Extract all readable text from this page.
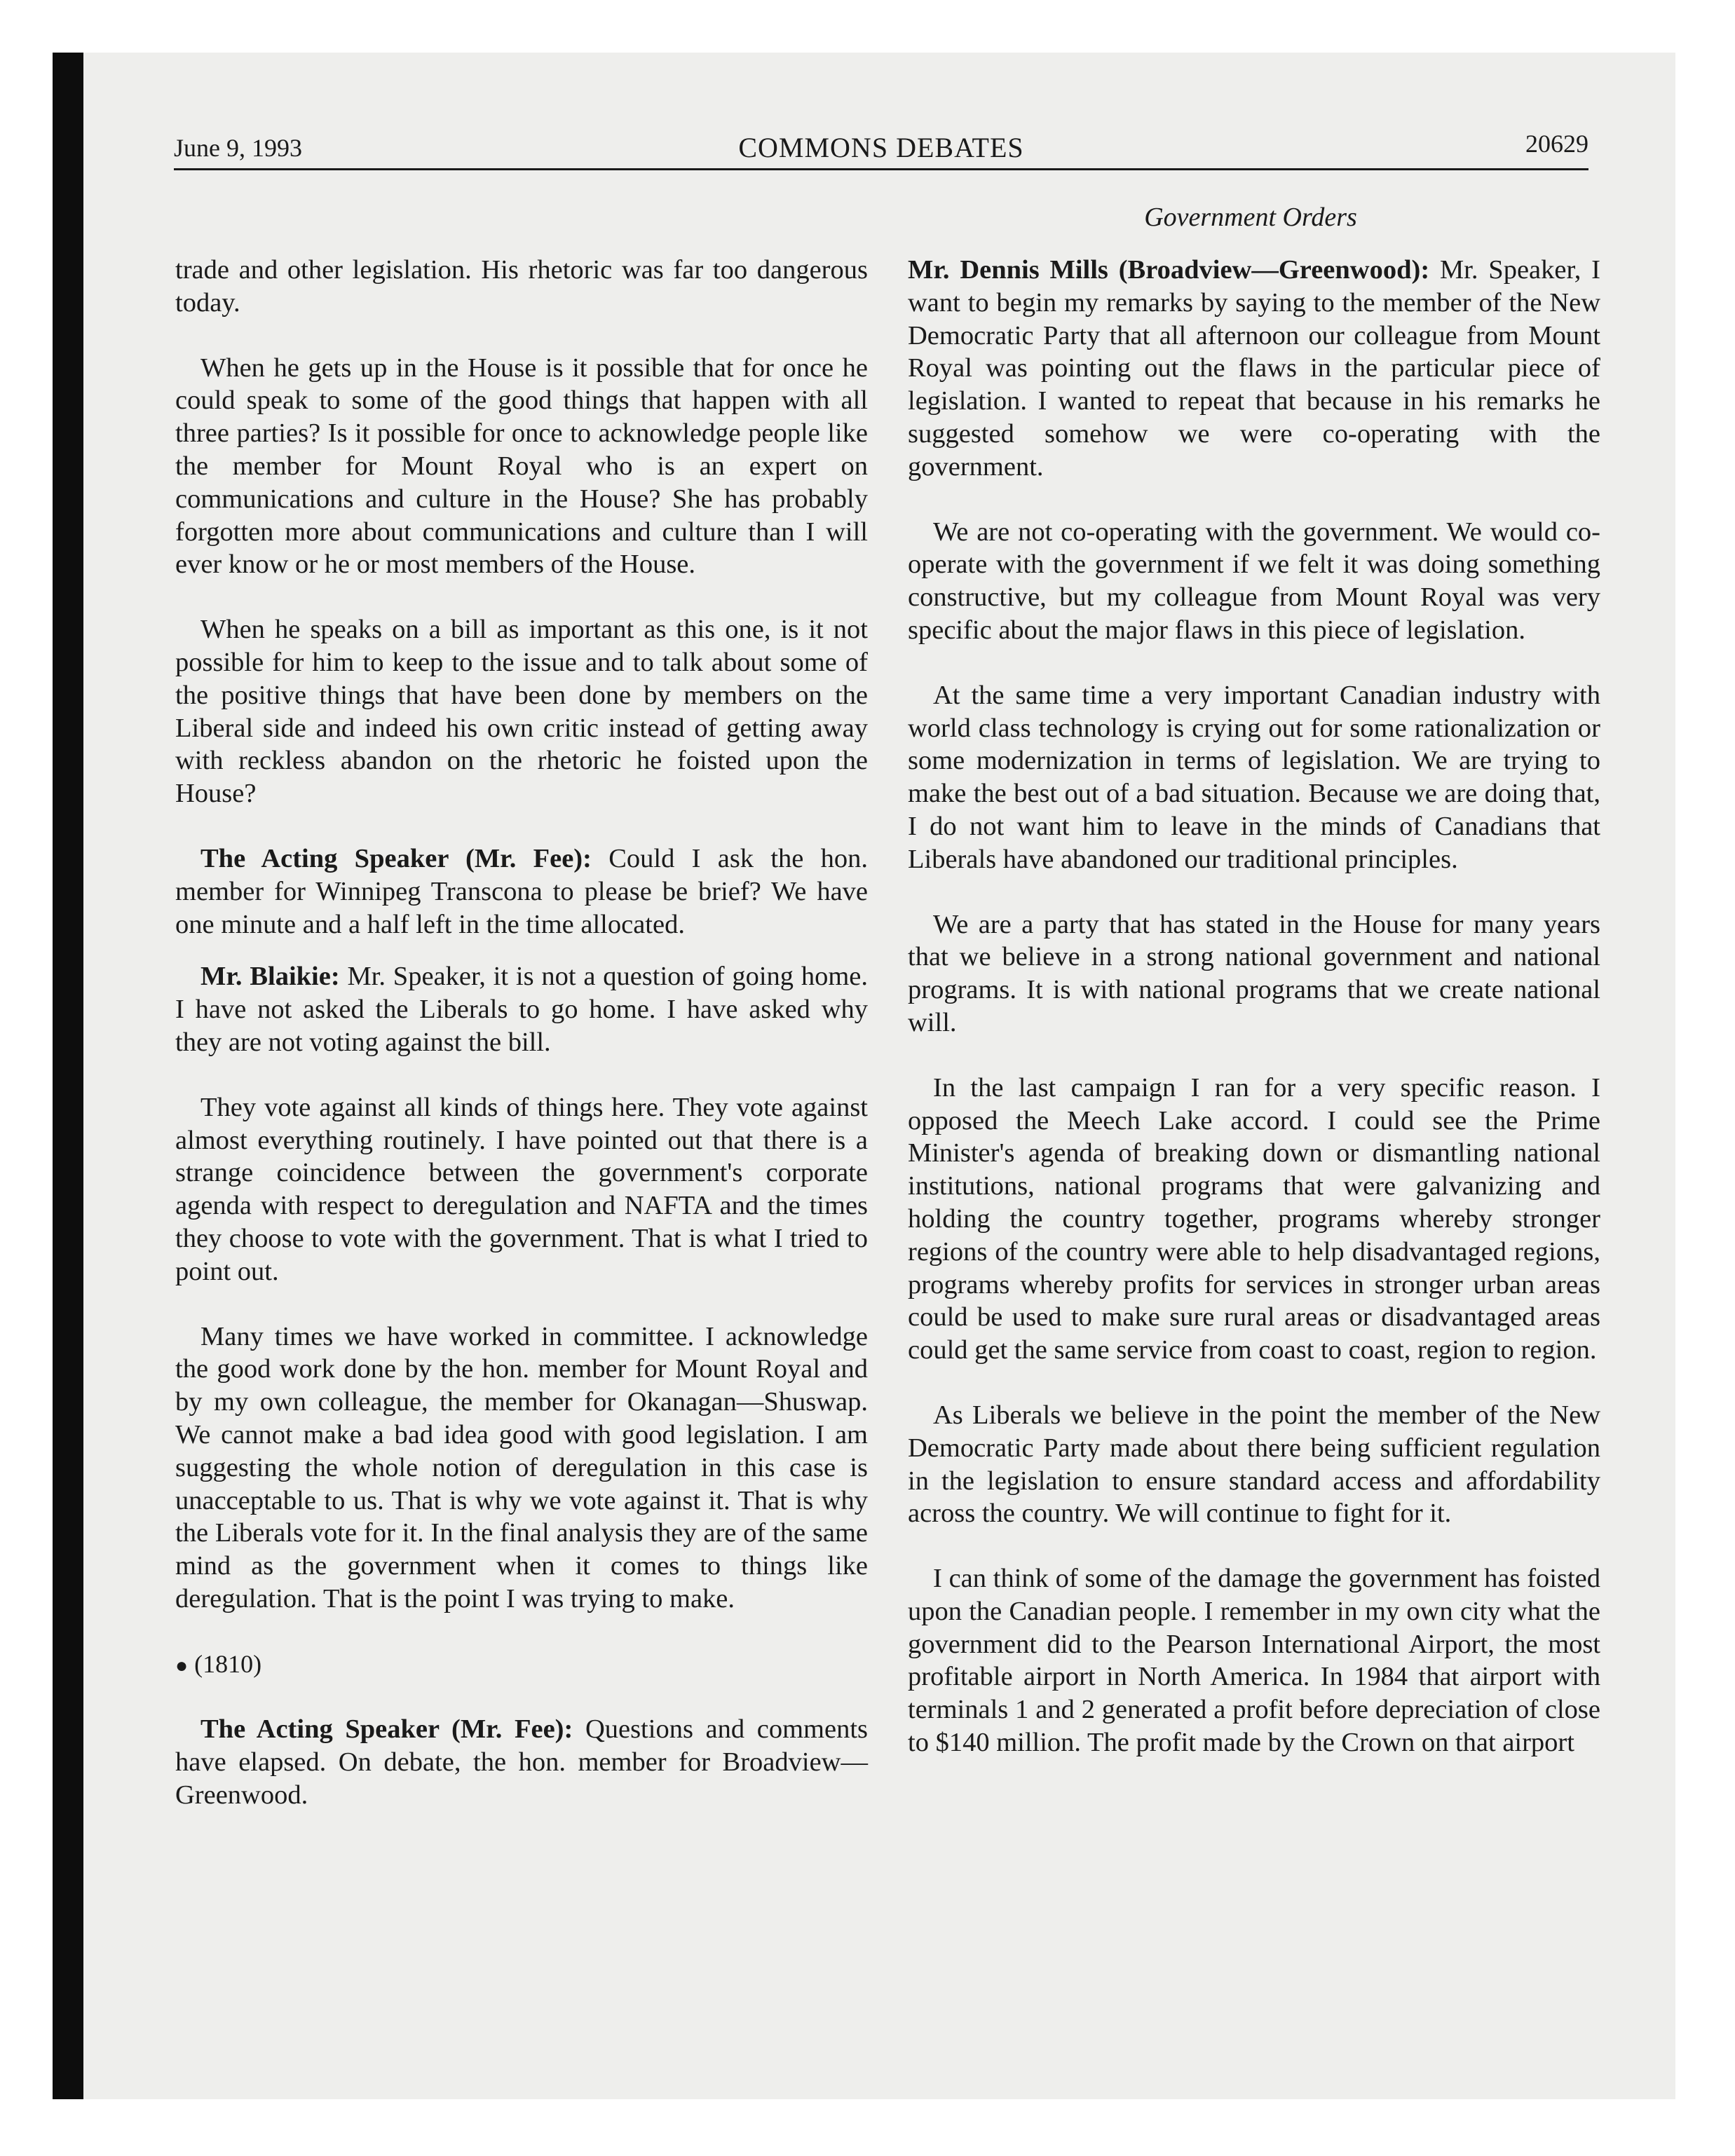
June 9, 1993	COMMONS DEBATES	20629
Government Orders

trade and other legislation. His rhetoric was far too dangerous today.

When he gets up in the House is it possible that for once he could speak to some of the good things that happen with all three parties? Is it possible for once to acknowledge people like the member for Mount Royal who is an expert on communications and culture in the House? She has probably forgotten more about communications and culture than I will ever know or he or most members of the House.

When he speaks on a bill as important as this one, is it not possible for him to keep to the issue and to talk about some of the positive things that have been done by members on the Liberal side and indeed his own critic instead of getting away with reckless abandon on the rhetoric he foisted upon the House?

The Acting Speaker (Mr. Fee): Could I ask the hon. member for Winnipeg Transcona to please be brief? We have one minute and a half left in the time allocated.

Mr. Blaikie: Mr. Speaker, it is not a question of going home. I have not asked the Liberals to go home. I have asked why they are not voting against the bill.

They vote against all kinds of things here. They vote against almost everything routinely. I have pointed out that there is a strange coincidence between the government's corporate agenda with respect to deregulation and NAFTA and the times they choose to vote with the government. That is what I tried to point out.

Many times we have worked in committee. I acknowledge the good work done by the hon. member for Mount Royal and by my own colleague, the member for Okanagan—Shuswap. We cannot make a bad idea good with good legislation. I am suggesting the whole notion of deregulation in this case is unacceptable to us. That is why we vote against it. That is why the Liberals vote for it. In the final analysis they are of the same mind as the government when it comes to things like deregulation. That is the point I was trying to make.

● (1810)

The Acting Speaker (Mr. Fee): Questions and comments have elapsed. On debate, the hon. member for Broadview—Greenwood.

Mr. Dennis Mills (Broadview—Greenwood): Mr. Speaker, I want to begin my remarks by saying to the member of the New Democratic Party that all afternoon our colleague from Mount Royal was pointing out the flaws in the particular piece of legislation. I wanted to repeat that because in his remarks he suggested somehow we were co-operating with the government.

We are not co-operating with the government. We would co-operate with the government if we felt it was doing something constructive, but my colleague from Mount Royal was very specific about the major flaws in this piece of legislation.

At the same time a very important Canadian industry with world class technology is crying out for some rationalization or some modernization in terms of legislation. We are trying to make the best out of a bad situation. Because we are doing that, I do not want him to leave in the minds of Canadians that Liberals have abandoned our traditional principles.

We are a party that has stated in the House for many years that we believe in a strong national government and national programs. It is with national programs that we create national will.

In the last campaign I ran for a very specific reason. I opposed the Meech Lake accord. I could see the Prime Minister's agenda of breaking down or dismantling national institutions, national programs that were galvanizing and holding the country together, programs whereby stronger regions of the country were able to help disadvantaged regions, programs whereby profits for services in stronger urban areas could be used to make sure rural areas or disadvantaged areas could get the same service from coast to coast, region to region.

As Liberals we believe in the point the member of the New Democratic Party made about there being sufficient regulation in the legislation to ensure standard access and affordability across the country. We will continue to fight for it.

I can think of some of the damage the government has foisted upon the Canadian people. I remember in my own city what the government did to the Pearson International Airport, the most profitable airport in North America. In 1984 that airport with terminals 1 and 2 generated a profit before depreciation of close to $140 million. The profit made by the Crown on that airport
